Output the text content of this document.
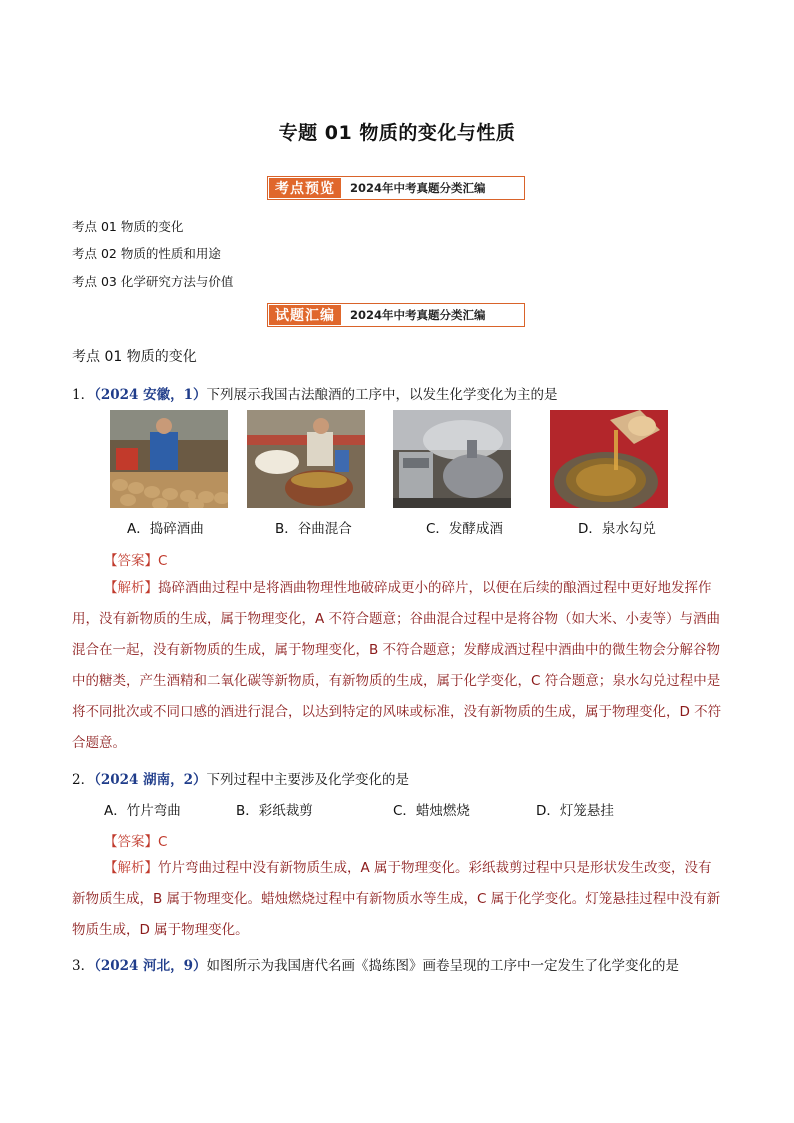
专题 01 物质的变化与性质
考点预览	2024年中考真题分类汇编
考点 01 物质的变化
考点 02 物质的性质和用途
考点 03 化学研究方法与价值
试题汇编	2024年中考真题分类汇编
考点 01 物质的变化
1．（2024 安徽，1）下列展示我国古法酿酒的工序中，以发生化学变化为主的是
A．捣碎酒曲	B．谷曲混合	C．发酵成酒	D．泉水勾兑
【答案】C
【解析】捣碎酒曲过程中是将酒曲物理性地破碎成更小的碎片，以便在后续的酿酒过程中更好地发挥作用，没有新物质的生成，属于物理变化，A 不符合题意；谷曲混合过程中是将谷物（如大米、小麦等）与酒曲混合在一起，没有新物质的生成，属于物理变化，B 不符合题意；发酵成酒过程中酒曲中的微生物会分解谷物中的糖类，产生酒精和二氧化碳等新物质，有新物质的生成，属于化学变化，C 符合题意；泉水勾兑过程中是将不同批次或不同口感的酒进行混合，以达到特定的风味或标准，没有新物质的生成，属于物理变化，D 不符合题意。
2．（2024 湖南，2）下列过程中主要涉及化学变化的是
A．竹片弯曲	B．彩纸裁剪	C．蜡烛燃烧	D．灯笼悬挂
【答案】C
【解析】竹片弯曲过程中没有新物质生成，A 属于物理变化。彩纸裁剪过程中只是形状发生改变，没有新物质生成，B 属于物理变化。蜡烛燃烧过程中有新物质水等生成，C 属于化学变化。灯笼悬挂过程中没有新物质生成，D 属于物理变化。
3．（2024 河北，9）如图所示为我国唐代名画《捣练图》画卷呈现的工序中一定发生了化学变化的是
